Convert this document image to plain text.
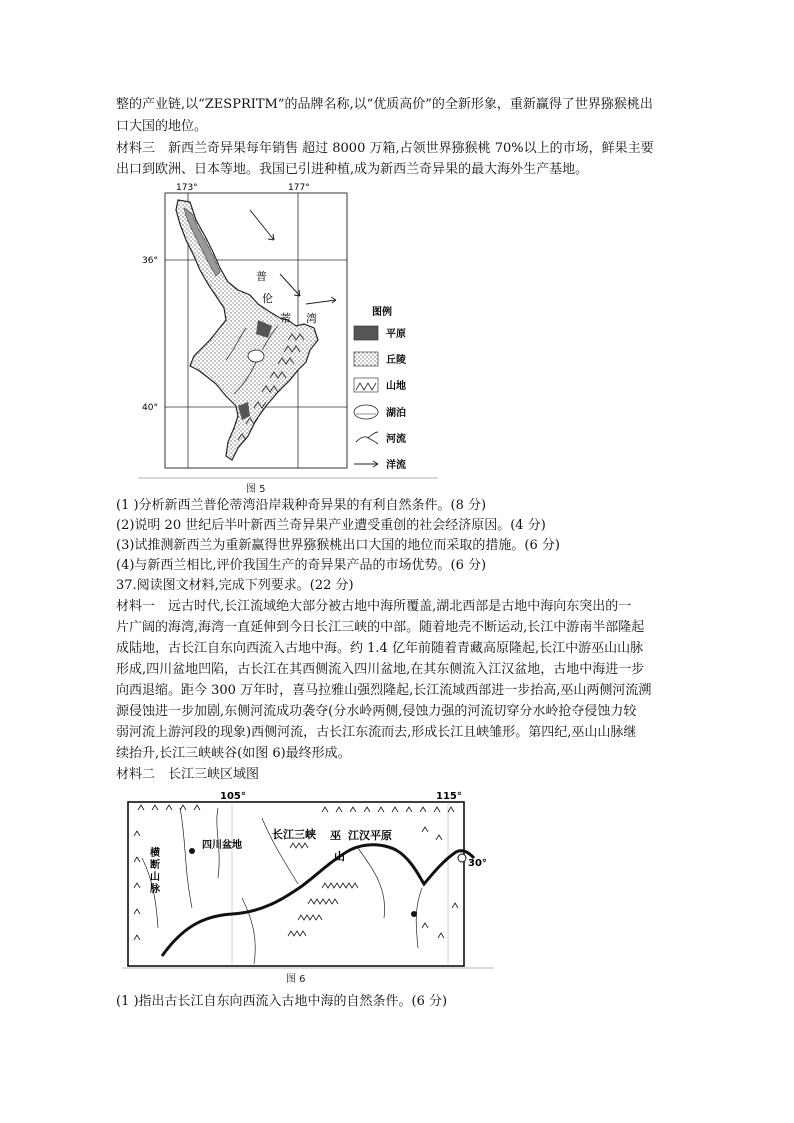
整的产业链,以“ZESPRITM”的品牌名称,以“优质高价”的全新形象，重新赢得了世界猕猴桃出
口大国的地位。
材料三　新西兰奇异果每年销售 超过 8000 万箱,占领世界猕猴桃 70%以上的市场，鲜果主要
出口到欧洲、日本等地。我国已引进种植,成为新西兰奇异果的最大海外生产基地。
173°	177°
36°
40°
普
伦
蒂 湾	图例
平原
丘陵
山地
湖泊
河流
洋流
图 5
(1 )分析新西兰普伦蒂湾沿岸栽种奇异果的有利自然条件。(8 分)
(2)说明 20 世纪后半叶新西兰奇异果产业遭受重创的社会经济原因。(4 分)
(3)试推测新西兰为重新赢得世界猕猴桃出口大国的地位而采取的措施。(6 分)
(4)与新西兰相比,评价我国生产的奇异果产品的市场优势。(6 分)
37.阅读图文材料,完成下列要求。(22 分)
材料一　远古时代,长江流域绝大部分被古地中海所覆盖,湖北西部是古地中海向东突出的一
片广阔的海湾,海湾一直延伸到今日长江三峡的中部。随着地壳不断运动,长江中游南半部隆起
成陆地，古长江自东向西流入古地中海。约 1.4 亿年前随着青藏高原隆起,长江中游巫山山脉
形成,四川盆地凹陷，古长江在其西侧流入四川盆地,在其东侧流入江汉盆地，古地中海进一步
向西退缩。距今 300 万年时，喜马拉雅山强烈隆起,长江流域西部进一步抬高,巫山两侧河流溯
源侵蚀进一步加剧,东侧河流成功袭夺(分水岭两侧,侵蚀力强的河流切穿分水岭抢夺侵蚀力较
弱河流上游河段的现象)西侧河流，古长江东流而去,形成长江且峡雏形。第四纪,巫山山脉继
续抬升,长江三峡峡谷(如图 6)最终形成。
材料二　长江三峡区域图
105°	115°
30°
四川盆地
长江三峡 巫
山
江汉平原
横
断
山
脉
图 6
(1 )指出古长江自东向西流入古地中海的自然条件。(6 分)
